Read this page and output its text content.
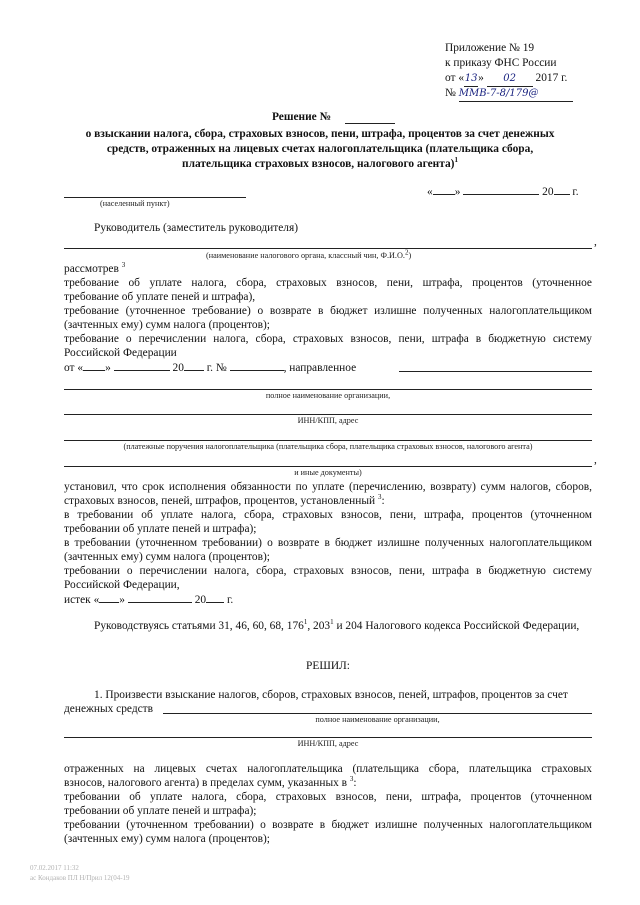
Приложение № 19
к приказу ФНС России
от «13» 02 2017 г.
№ ММВ-7-8/179@
Решение №
о взыскании налога, сбора, страховых взносов, пени, штрафа, процентов за счет денежных
средств, отраженных на лицевых счетах налогоплательщика (плательщика сбора,
плательщика страховых взносов, налогового агента)$^1$
(населенный пункт)
« »	20 г.
Руководитель (заместитель руководителя)
,
(наименование налогового органа, классный чин, Ф.И.О.$^2$)
рассмотрев $^3$
требование об уплате налога, сбора, страховых взносов, пени, штрафа, процентов (уточненное
требование об уплате пеней и штрафа),
требование (уточненное требование) о возврате в бюджет излишне полученных налогоплательщиком
(зачтенных ему) сумм налога (процентов);
требование о перечислении налога, сбора, страховых взносов, пени, штрафа в бюджетную систему
Российской Федерации
от « »	20 г. №	, направленное
полное наименование организации,
ИНН/КПП, адрес
(платежные поручения налогоплательщика (плательщика сбора, плательщика страховых взносов, налогового агента)
,
и иные документы)
установил, что срок исполнения обязанности по уплате (перечислению, возврату) сумм налогов, сборов,
страховых взносов, пеней, штрафов, процентов, установленный $^3$:
в требовании об уплате налога, сбора, страховых взносов, пени, штрафа, процентов (уточненном
требовании об уплате пеней и штрафа);
в требовании (уточненном требовании) о возврате в бюджет излишне полученных налогоплательщиком
(зачтенных ему) сумм налога (процентов);
требовании о перечислении налога, сбора, страховых взносов, пени, штрафа в бюджетную систему
Российской Федерации,
истек « »	20 г.
Руководствуясь статьями 31, 46, 60, 68, $176^1$, $203^1$ и 204 Налогового кодекса Российской Федерации,
РЕШИЛ:
1. Произвести взыскание налогов, сборов, страховых взносов, пеней, штрафов, процентов за счет
денежных средств
полное наименование организации,
ИНН/КПП, адрес
отраженных на лицевых счетах налогоплательщика (плательщика сбора, плательщика страховых
взносов, налогового агента) в пределах сумм, указанных в $^3$:
требовании об уплате налога, сбора, страховых взносов, пени, штрафа, процентов (уточненном
требовании об уплате пеней и штрафа);
требовании (уточненном требовании) о возврате в бюджет излишне полученных налогоплательщиком
(зачтенных ему) сумм налога (процентов);
07.02.2017 11:32
ас Кондаков ПЛ Н/Прил 12(04-19
